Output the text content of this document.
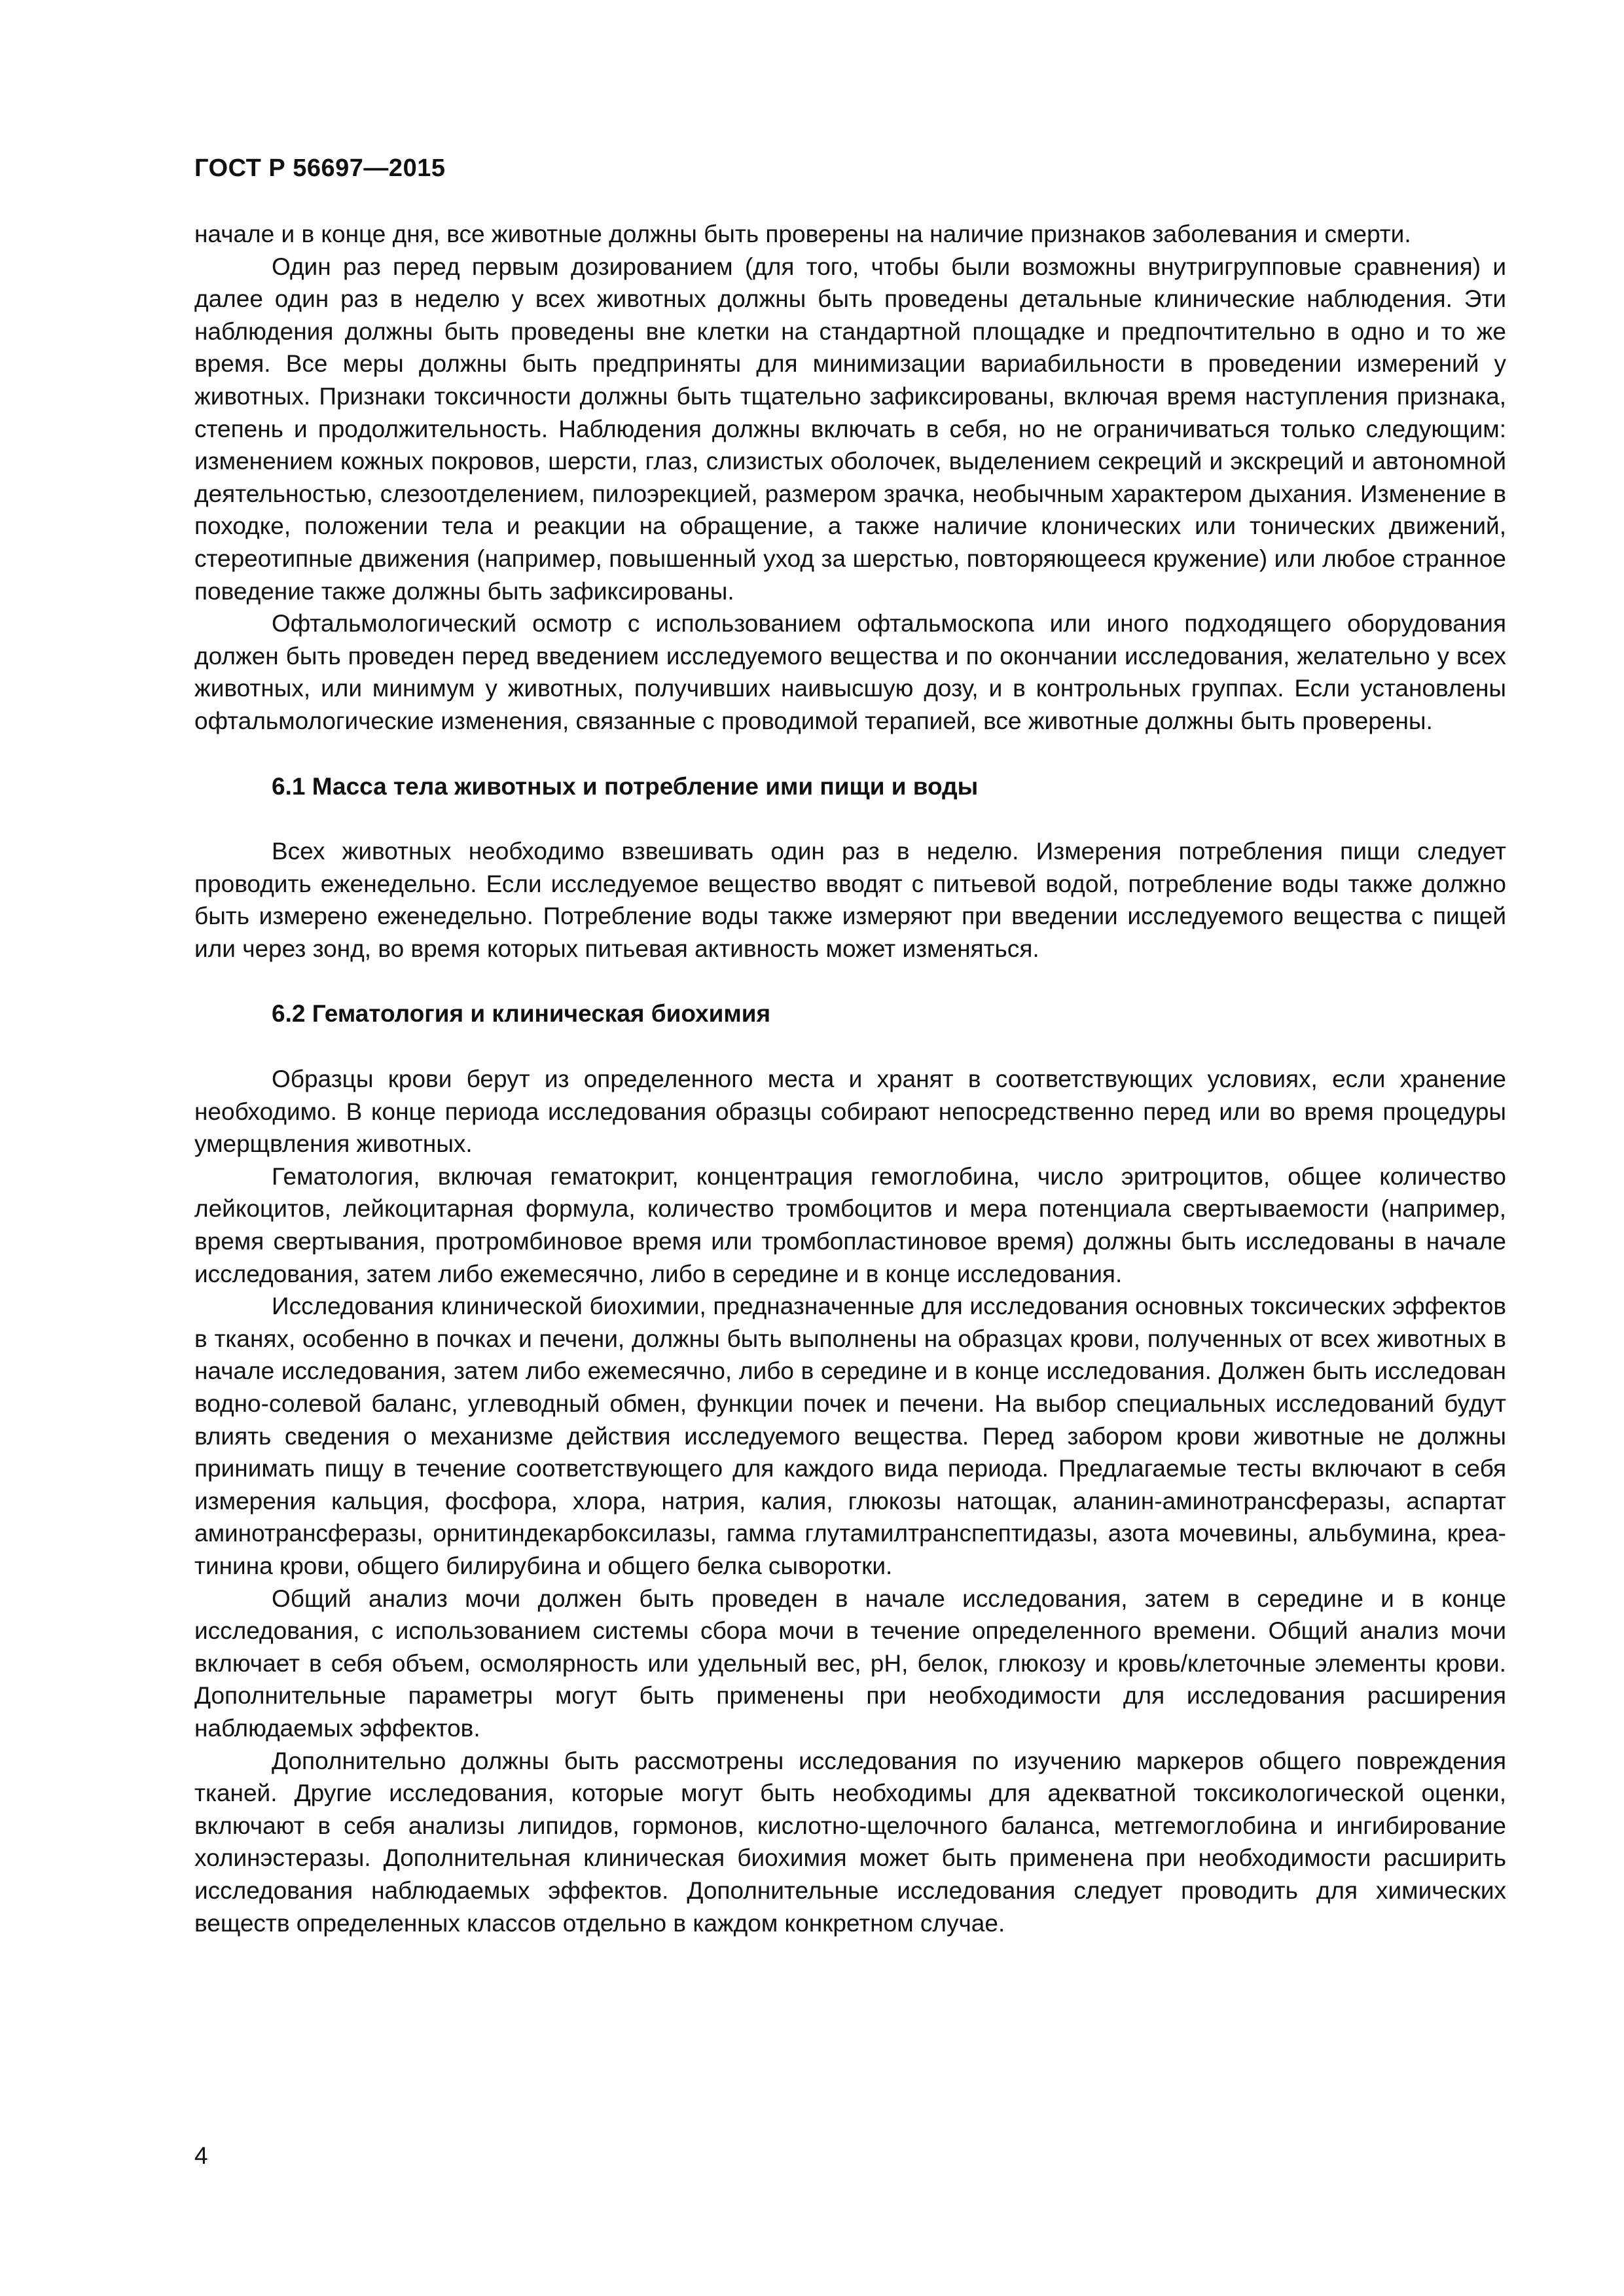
ГОСТ Р 56697—2015

начале и в конце дня, все животные должны быть проверены на наличие признаков заболевания и смерти.

Один раз перед первым дозированием (для того, чтобы были возможны внутригрупповые сравнения) и далее один раз в неделю у всех животных должны быть проведены детальные клинические наблюдения. Эти наблюдения должны быть проведены вне клетки на стандартной площадке и предпочтительно в одно и то же время. Все меры должны быть предприняты для минимизации вариабильности в проведении измерений у животных. Признаки токсичности должны быть тщательно зафиксированы, включая время наступления признака, степень и продолжительность. Наблюдения должны включать в себя, но не ограничиваться только следующим: изменением кожных покровов, шерсти, глаз, слизистых оболочек, выделением секреций и экскреций и автономной деятельностью, слезоотделением, пилоэрекцией, размером зрачка, необычным характером дыхания. Изменение в походке, положении тела и реакции на обращение, а также наличие клонических или тонических движений, стереотипные движения (например, повышенный уход за шерстью, повторяющееся кружение) или любое странное поведение также должны быть зафиксированы.

Офтальмологический осмотр с использованием офтальмоскопа или иного подходящего оборудования должен быть проведен перед введением исследуемого вещества и по окончании исследования, желательно у всех животных, или минимум у животных, получивших наивысшую дозу, и в контрольных группах. Если установлены офтальмологические изменения, связанные с проводимой терапией, все животные должны быть проверены.

6.1 Масса тела животных и потребление ими пищи и воды

Всех животных необходимо взвешивать один раз в неделю. Измерения потребления пищи следует проводить еженедельно. Если исследуемое вещество вводят с питьевой водой, потребление воды также должно быть измерено еженедельно. Потребление воды также измеряют при введении исследуемого вещества с пищей или через зонд, во время которых питьевая активность может изменяться.

6.2 Гематология и клиническая биохимия

Образцы крови берут из определенного места и хранят в соответствующих условиях, если хранение необходимо. В конце периода исследования образцы собирают непосредственно перед или во время процедуры умерщвления животных.

Гематология, включая гематокрит, концентрация гемоглобина, число эритроцитов, общее количество лейкоцитов, лейкоцитарная формула, количество тромбоцитов и мера потенциала свертываемости (например, время свертывания, протромбиновое время или тромбопластиновое время) должны быть исследованы в начале исследования, затем либо ежемесячно, либо в середине и в конце исследования.

Исследования клинической биохимии, предназначенные для исследования основных токсических эффектов в тканях, особенно в почках и печени, должны быть выполнены на образцах крови, полученных от всех животных в начале исследования, затем либо ежемесячно, либо в середине и в конце исследования. Должен быть исследован водно-солевой баланс, углеводный обмен, функции почек и печени. На выбор специальных исследований будут влиять сведения о механизме действия исследуемого вещества. Перед забором крови животные не должны принимать пищу в течение соответствующего для каждого вида периода. Предлагаемые тесты включают в себя измерения кальция, фосфора, хлора, натрия, калия, глюкозы натощак, аланин-аминотрансферазы, аспартат аминотрансферазы, орнитиндекарбоксилазы, гамма глутамилтранспептидазы, азота мочевины, альбумина, креатинина крови, общего билирубина и общего белка сыворотки.

Общий анализ мочи должен быть проведен в начале исследования, затем в середине и в конце исследования, с использованием системы сбора мочи в течение определенного времени. Общий анализ мочи включает в себя объем, осмолярность или удельный вес, pH, белок, глюкозу и кровь/клеточные элементы крови. Дополнительные параметры могут быть применены при необходимости для исследования расширения наблюдаемых эффектов.

Дополнительно должны быть рассмотрены исследования по изучению маркеров общего повреждения тканей. Другие исследования, которые могут быть необходимы для адекватной токсикологической оценки, включают в себя анализы липидов, гормонов, кислотно-щелочного баланса, метгемоглобина и ингибирование холинэстеразы. Дополнительная клиническая биохимия может быть применена при необходимости расширить исследования наблюдаемых эффектов. Дополнительные исследования следует проводить для химических веществ определенных классов отдельно в каждом конкретном случае.

4
